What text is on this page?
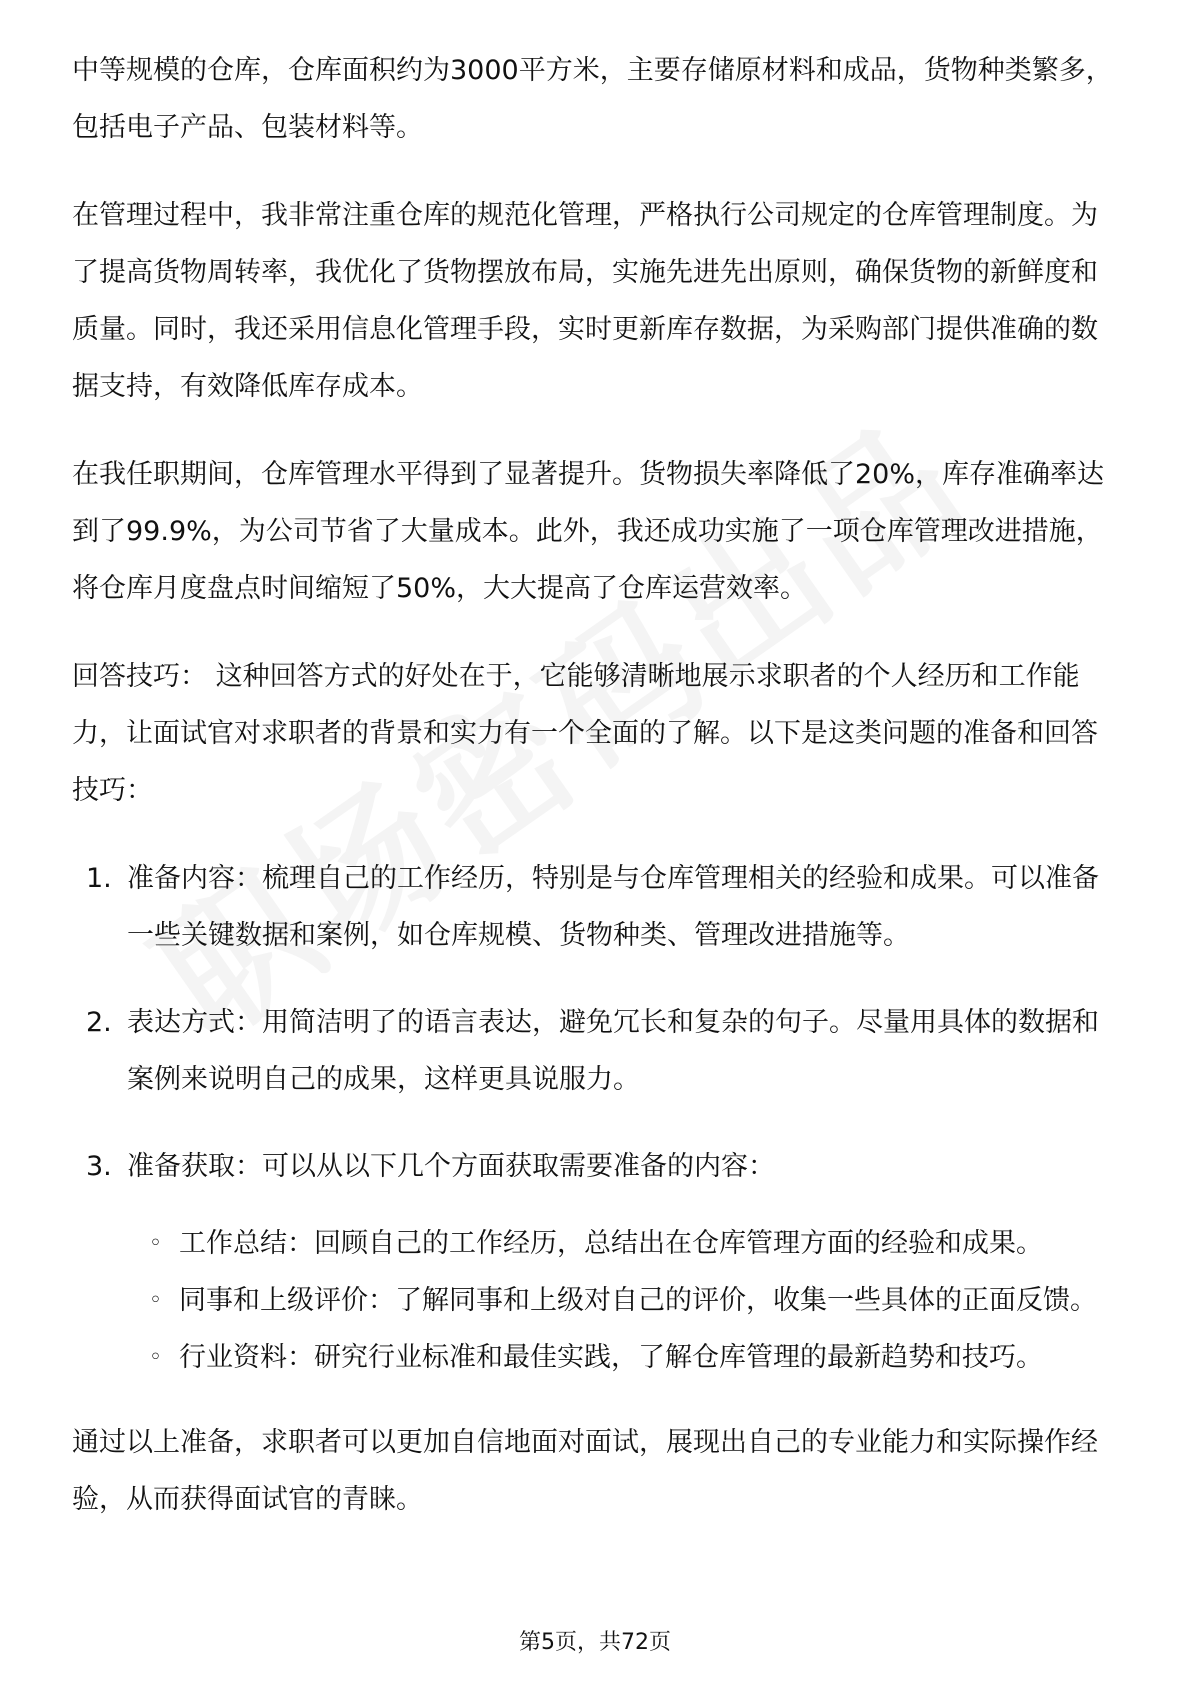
中等规模的仓库，仓库面积约为3000平方米，主要存储原材料和成品，货物种类繁多，包括电子产品、包装材料等。

在管理过程中，我非常注重仓库的规范化管理，严格执行公司规定的仓库管理制度。为了提高货物周转率，我优化了货物摆放布局，实施先进先出原则，确保货物的新鲜度和质量。同时，我还采用信息化管理手段，实时更新库存数据，为采购部门提供准确的数据支持，有效降低库存成本。

在我任职期间，仓库管理水平得到了显著提升。货物损失率降低了20%，库存准确率达到了99.9%，为公司节省了大量成本。此外，我还成功实施了一项仓库管理改进措施，将仓库月度盘点时间缩短了50%，大大提高了仓库运营效率。

回答技巧： 这种回答方式的好处在于，它能够清晰地展示求职者的个人经历和工作能力，让面试官对求职者的背景和实力有一个全面的了解。以下是这类问题的准备和回答技巧：

1. 准备内容：梳理自己的工作经历，特别是与仓库管理相关的经验和成果。可以准备一些关键数据和案例，如仓库规模、货物种类、管理改进措施等。
2. 表达方式：用简洁明了的语言表达，避免冗长和复杂的句子。尽量用具体的数据和案例来说明自己的成果，这样更具说服力。
3. 准备获取：可以从以下几个方面获取需要准备的内容：
◦ 工作总结：回顾自己的工作经历，总结出在仓库管理方面的经验和成果。
◦ 同事和上级评价：了解同事和上级对自己的评价，收集一些具体的正面反馈。
◦ 行业资料：研究行业标准和最佳实践，了解仓库管理的最新趋势和技巧。

通过以上准备，求职者可以更加自信地面对面试，展现出自己的专业能力和实际操作经验，从而获得面试官的青睐。

第5页，共72页
